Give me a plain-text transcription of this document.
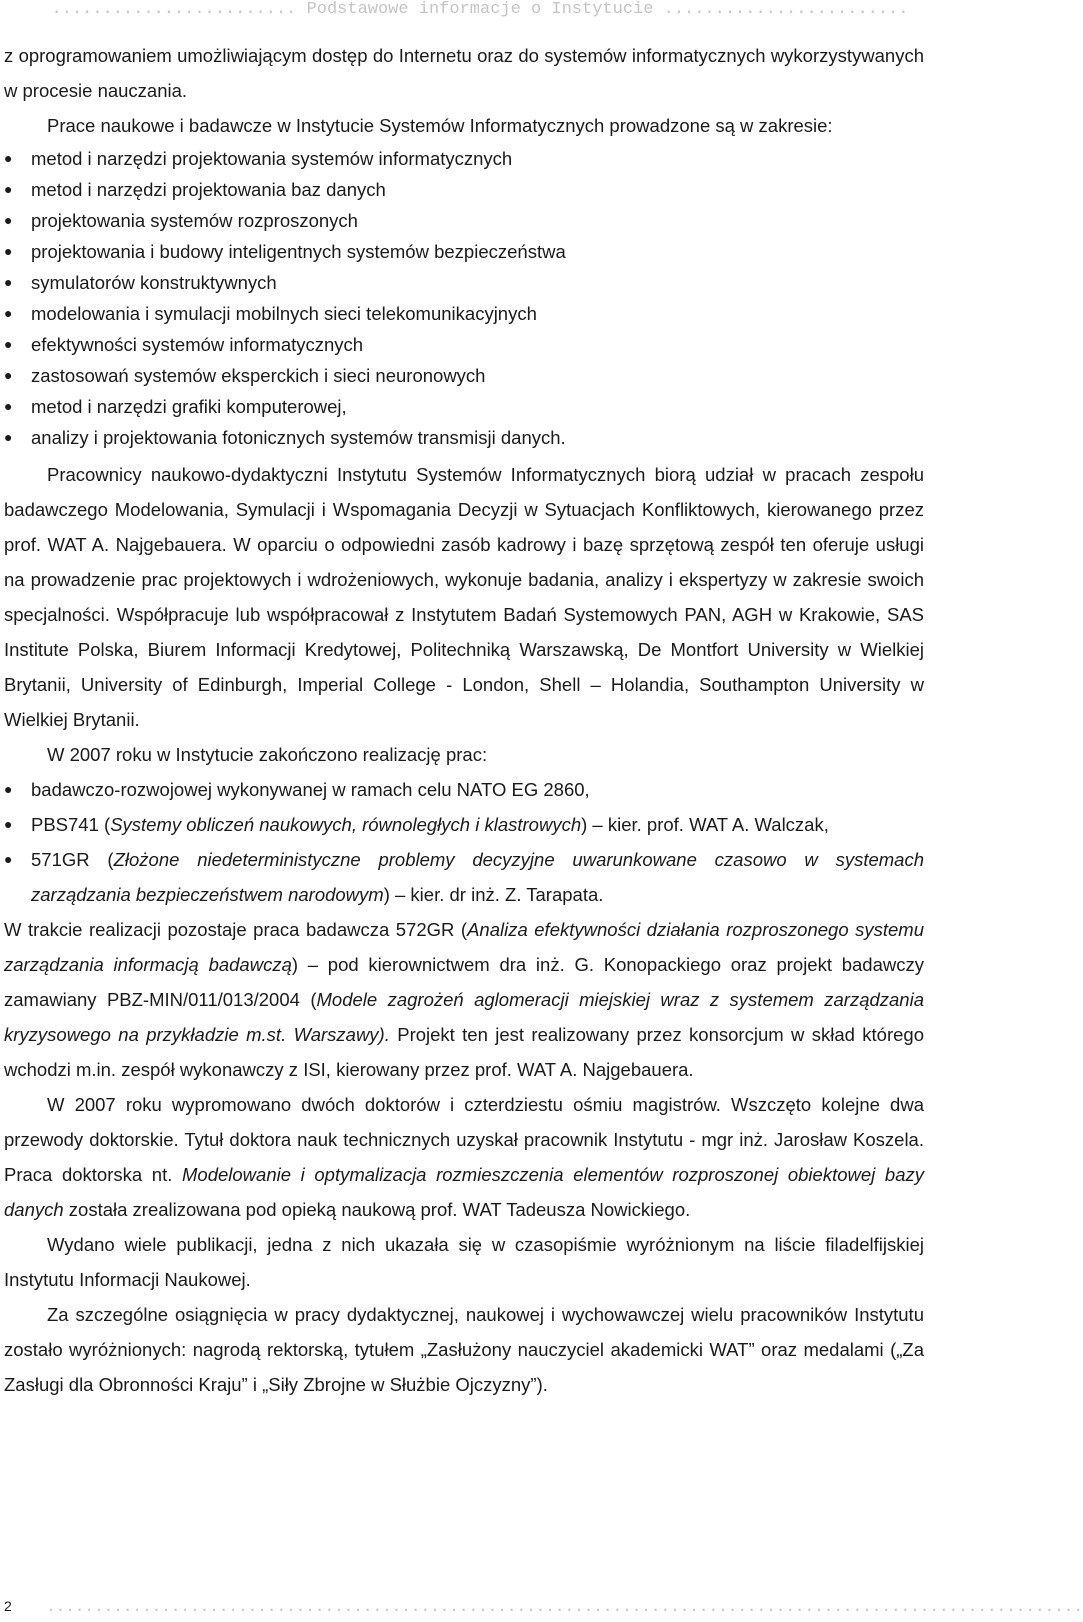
........................ Podstawowe informacje o Instytucie ........................

z oprogramowaniem umożliwiającym dostęp do Internetu oraz do systemów informatycznych wykorzystywanych w procesie nauczania.

Prace naukowe i badawcze w Instytucie Systemów Informatycznych prowadzone są w zakresie:

● metod i narzędzi projektowania systemów informatycznych
● metod i narzędzi projektowania baz danych
● projektowania systemów rozproszonych
● projektowania i budowy inteligentnych systemów bezpieczeństwa
● symulatorów konstruktywnych
● modelowania i symulacji mobilnych sieci telekomunikacyjnych
● efektywności systemów informatycznych
● zastosowań systemów eksperckich i sieci neuronowych
● metod i narzędzi grafiki komputerowej,
● analizy i projektowania fotonicznych systemów transmisji danych.

Pracownicy naukowo-dydaktyczni Instytutu Systemów Informatycznych biorą udział w pracach zespołu badawczego Modelowania, Symulacji i Wspomagania Decyzji w Sytuacjach Konfliktowych, kierowanego przez prof. WAT A. Najgebauera. W oparciu o odpowiedni zasób kadrowy i bazę sprzętową zespół ten oferuje usługi na prowadzenie prac projektowych i wdrożeniowych, wykonuje badania, analizy i ekspertyzy w zakresie swoich specjalności. Współpracuje lub współpracował z Instytutem Badań Systemowych PAN, AGH w Krakowie, SAS Institute Polska, Biurem Informacji Kredytowej, Politechniką Warszawską, De Montfort University w Wielkiej Brytanii, University of Edinburgh, Imperial College - London, Shell – Holandia, Southampton University w Wielkiej Brytanii.

W 2007 roku w Instytucie zakończono realizację prac:

● badawczo-rozwojowej wykonywanej w ramach celu NATO EG 2860,
● PBS741 (Systemy obliczeń naukowych, równoległych i klastrowych) – kier. prof. WAT A. Walczak,
● 571GR (Złożone niedeterministyczne problemy decyzyjne uwarunkowane czasowo w systemach zarządzania bezpieczeństwem narodowym) – kier. dr inż. Z. Tarapata.

W trakcie realizacji pozostaje praca badawcza 572GR (Analiza efektywności działania rozproszonego systemu zarządzania informacją badawczą) – pod kierownictwem dra inż. G. Konopackiego oraz projekt badawczy zamawiany PBZ-MIN/011/013/2004 (Modele zagrożeń aglomeracji miejskiej wraz z systemem zarządzania kryzysowego na przykładzie m.st. Warszawy). Projekt ten jest realizowany przez konsorcjum w skład którego wchodzi m.in. zespół wykonawczy z ISI, kierowany przez prof. WAT A. Najgebauera.

W 2007 roku wypromowano dwóch doktorów i czterdziestu ośmiu magistrów. Wszczęto kolejne dwa przewody doktorskie. Tytuł doktora nauk technicznych uzyskał pracownik Instytutu - mgr inż. Jarosław Koszela. Praca doktorska nt. Modelowanie i optymalizacja rozmieszczenia elementów rozproszonej obiektowej bazy danych została zrealizowana pod opieką naukową prof. WAT Tadeusza Nowickiego.

Wydano wiele publikacji, jedna z nich ukazała się w czasopiśmie wyróżnionym na liście filadelfijskiej Instytutu Informacji Naukowej.

Za szczególne osiągnięcia w pracy dydaktycznej, naukowej i wychowawczej wielu pracowników Instytutu zostało wyróżnionych: nagrodą rektorską, tytułem „Zasłużony nauczyciel akademicki WAT” oraz medalami („Za Zasługi dla Obronności Kraju” i „Siły Zbrojne w Służbie Ojczyzny”).

2 ............................................................................................................
